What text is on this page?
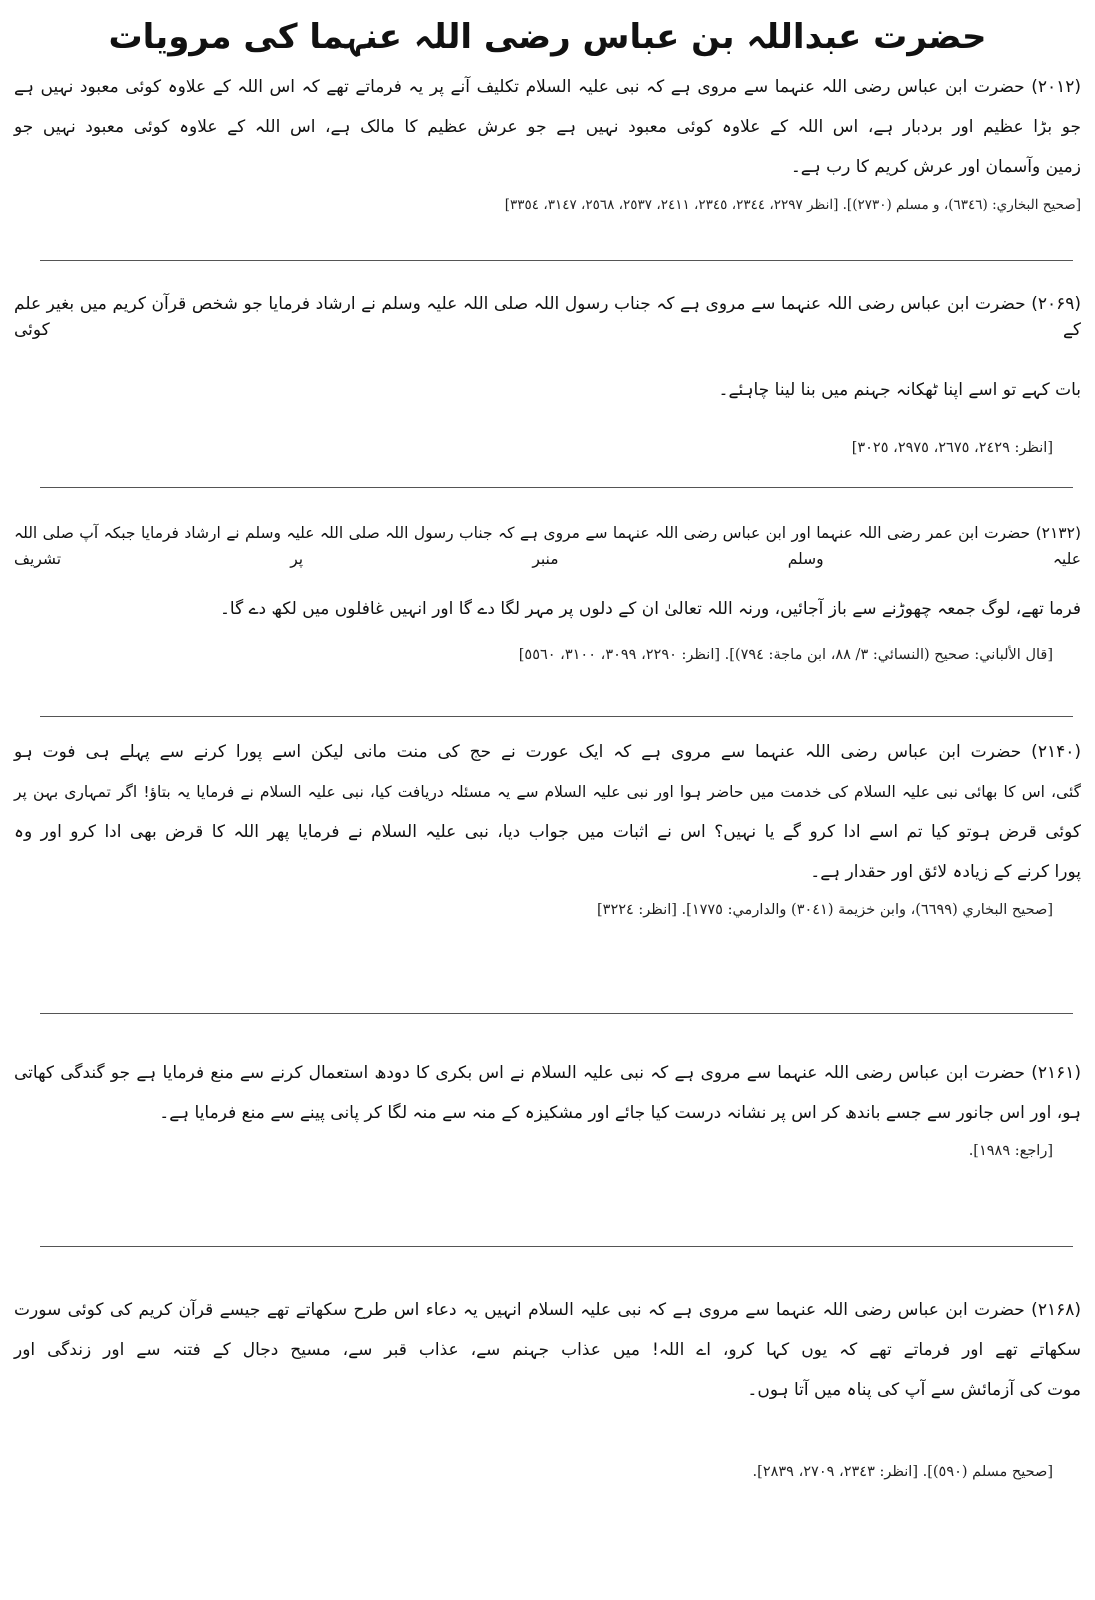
حضرت عبداللہ بن عباس رضی اللہ عنہما کی مرویات
(۲۰۱۲) حضرت ابن عباس رضی اللہ عنہما سے مروی ہے کہ نبی علیہ السلام تکلیف آنے پر یہ فرماتے تھے کہ اس اللہ کے علاوہ کوئی معبود نہیں ہے
جو بڑا عظیم اور بردبار ہے، اس اللہ کے علاوہ کوئی معبود نہیں ہے جو عرش عظیم کا مالک ہے، اس اللہ کے علاوہ کوئی معبود نہیں جو
زمین وآسمان اور عرش کریم کا رب ہے۔
[صحيح البخاري: (٦٣٤٦)، و مسلم (٢٧٣٠)]. [انظر ٢٢٩٧، ٢٣٤٤، ٢٣٤٥، ٢٤١١، ٢٥٣٧، ٢٥٦٨، ٣١٤٧، ٣٣٥٤]
(۲۰۶۹) حضرت ابن عباس رضی اللہ عنہما سے مروی ہے کہ جناب رسول اللہ صلی اللہ علیہ وسلم نے ارشاد فرمایا جو شخص قرآن کریم میں بغیر علم کے کوئی
بات کہے تو اسے اپنا ٹھکانہ جہنم میں بنا لینا چاہئے۔
[انظر: ٢٤٢٩، ٢٦٧٥، ٢٩٧٥، ٣٠٢٥]
(۲۱۳۲) حضرت ابن عمر رضی اللہ عنہما اور ابن عباس رضی اللہ عنہما سے مروی ہے کہ جناب رسول اللہ صلی اللہ علیہ وسلم نے ارشاد فرمایا جبکہ آپ صلی اللہ علیہ وسلم منبر پر تشریف
فرما تھے، لوگ جمعہ چھوڑنے سے باز آجائیں، ورنہ اللہ تعالیٰ ان کے دلوں پر مہر لگا دے گا اور انہیں غافلوں میں لکھ دے گا۔
[قال الألباني: صحيح (النسائي: ٣/ ٨٨، ابن ماجة: ٧٩٤)]. [انظر: ٢٢٩٠، ٣٠٩٩، ٣١٠٠، ٥٥٦٠]
(۲۱۴۰) حضرت ابن عباس رضی اللہ عنہما سے مروی ہے کہ ایک عورت نے حج کی منت مانی لیکن اسے پورا کرنے سے پہلے ہی فوت ہو
گئی، اس کا بھائی نبی علیہ السلام کی خدمت میں حاضر ہوا اور نبی علیہ السلام سے یہ مسئلہ دریافت کیا، نبی علیہ السلام نے فرمایا یہ بتاؤ! اگر تمہاری بہن پر
کوئی قرض ہوتو کیا تم اسے ادا کرو گے یا نہیں؟ اس نے اثبات میں جواب دیا، نبی علیہ السلام نے فرمایا پھر اللہ کا قرض بھی ادا کرو اور وہ
پورا کرنے کے زیادہ لائق اور حقدار ہے۔
[صحيح البخاري (٦٦٩٩)، وابن خزيمة (٣٠٤١) والدارمي: ١٧٧٥]. [انظر: ٣٢٢٤]
(۲۱۶۱) حضرت ابن عباس رضی اللہ عنہما سے مروی ہے کہ نبی علیہ السلام نے اس بکری کا دودھ استعمال کرنے سے منع فرمایا ہے جو گندگی کھاتی
ہو، اور اس جانور سے جسے باندھ کر اس پر نشانہ درست کیا جائے اور مشکیزہ کے منہ سے منہ لگا کر پانی پینے سے منع فرمایا ہے۔
[راجع: ١٩٨٩].
(۲۱۶۸) حضرت ابن عباس رضی اللہ عنہما سے مروی ہے کہ نبی علیہ السلام انہیں یہ دعاء اس طرح سکھاتے تھے جیسے قرآن کریم کی کوئی سورت
سکھاتے تھے اور فرماتے تھے کہ یوں کہا کرو، اے اللہ! میں عذاب جہنم سے، عذاب قبر سے، مسیح دجال کے فتنہ سے اور زندگی اور
موت کی آزمائش سے آپ کی پناہ میں آتا ہوں۔
[صحيح مسلم (٥٩٠)]. [انظر: ٢٣٤٣، ٢٧٠٩، ٢٨٣٩].
